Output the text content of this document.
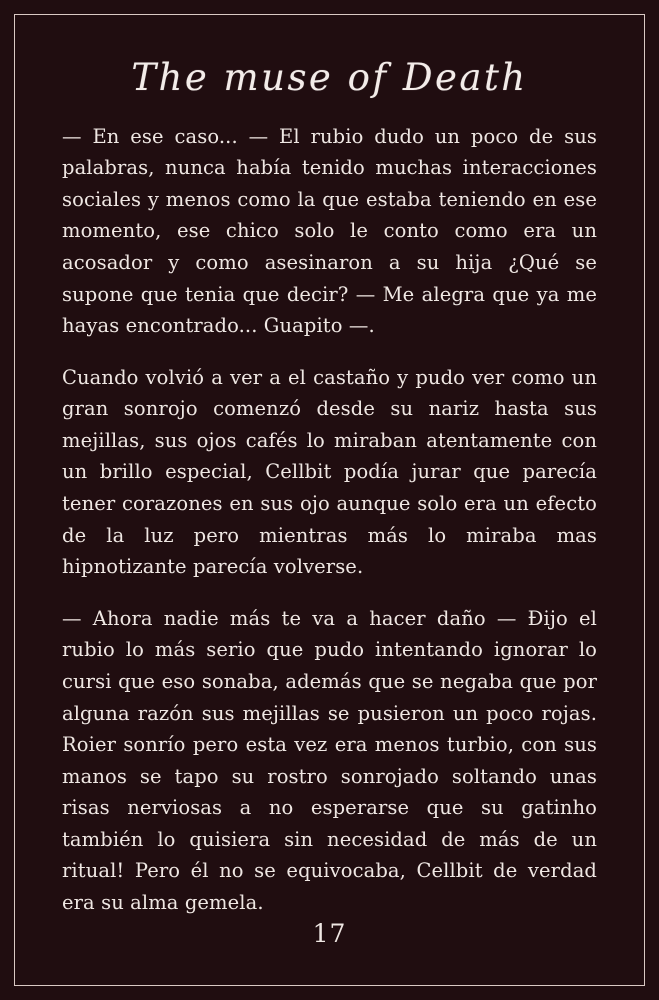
The muse of Death

— En ese caso... — El rubio dudo un poco de sus palabras, nunca había tenido muchas interacciones sociales y menos como la que estaba teniendo en ese momento, ese chico solo le conto como era un acosador y como asesinaron a su hija ¿Qué se supone que tenia que decir? — Me alegra que ya me hayas encontrado... Guapito —.

Cuando volvió a ver a el castaño y pudo ver como un gran sonrojo comenzó desde su nariz hasta sus mejillas, sus ojos cafés lo miraban atentamente con un brillo especial, Cellbit podía jurar que parecía tener corazones en sus ojo aunque solo era un efecto de la luz pero mientras más lo miraba mas hipnotizante parecía volverse.

— Ahora nadie más te va a hacer daño — Ðijo el rubio lo más serio que pudo intentando ignorar lo cursi que eso sonaba, además que se negaba que por alguna razón sus mejillas se pusieron un poco rojas. Roier sonrío pero esta vez era menos turbio, con sus manos se tapo su rostro sonrojado soltando unas risas nerviosas a no esperarse que su gatinho también lo quisiera sin necesidad de más de un ritual! Pero él no se equivocaba, Cellbit de verdad era su alma gemela.

17
